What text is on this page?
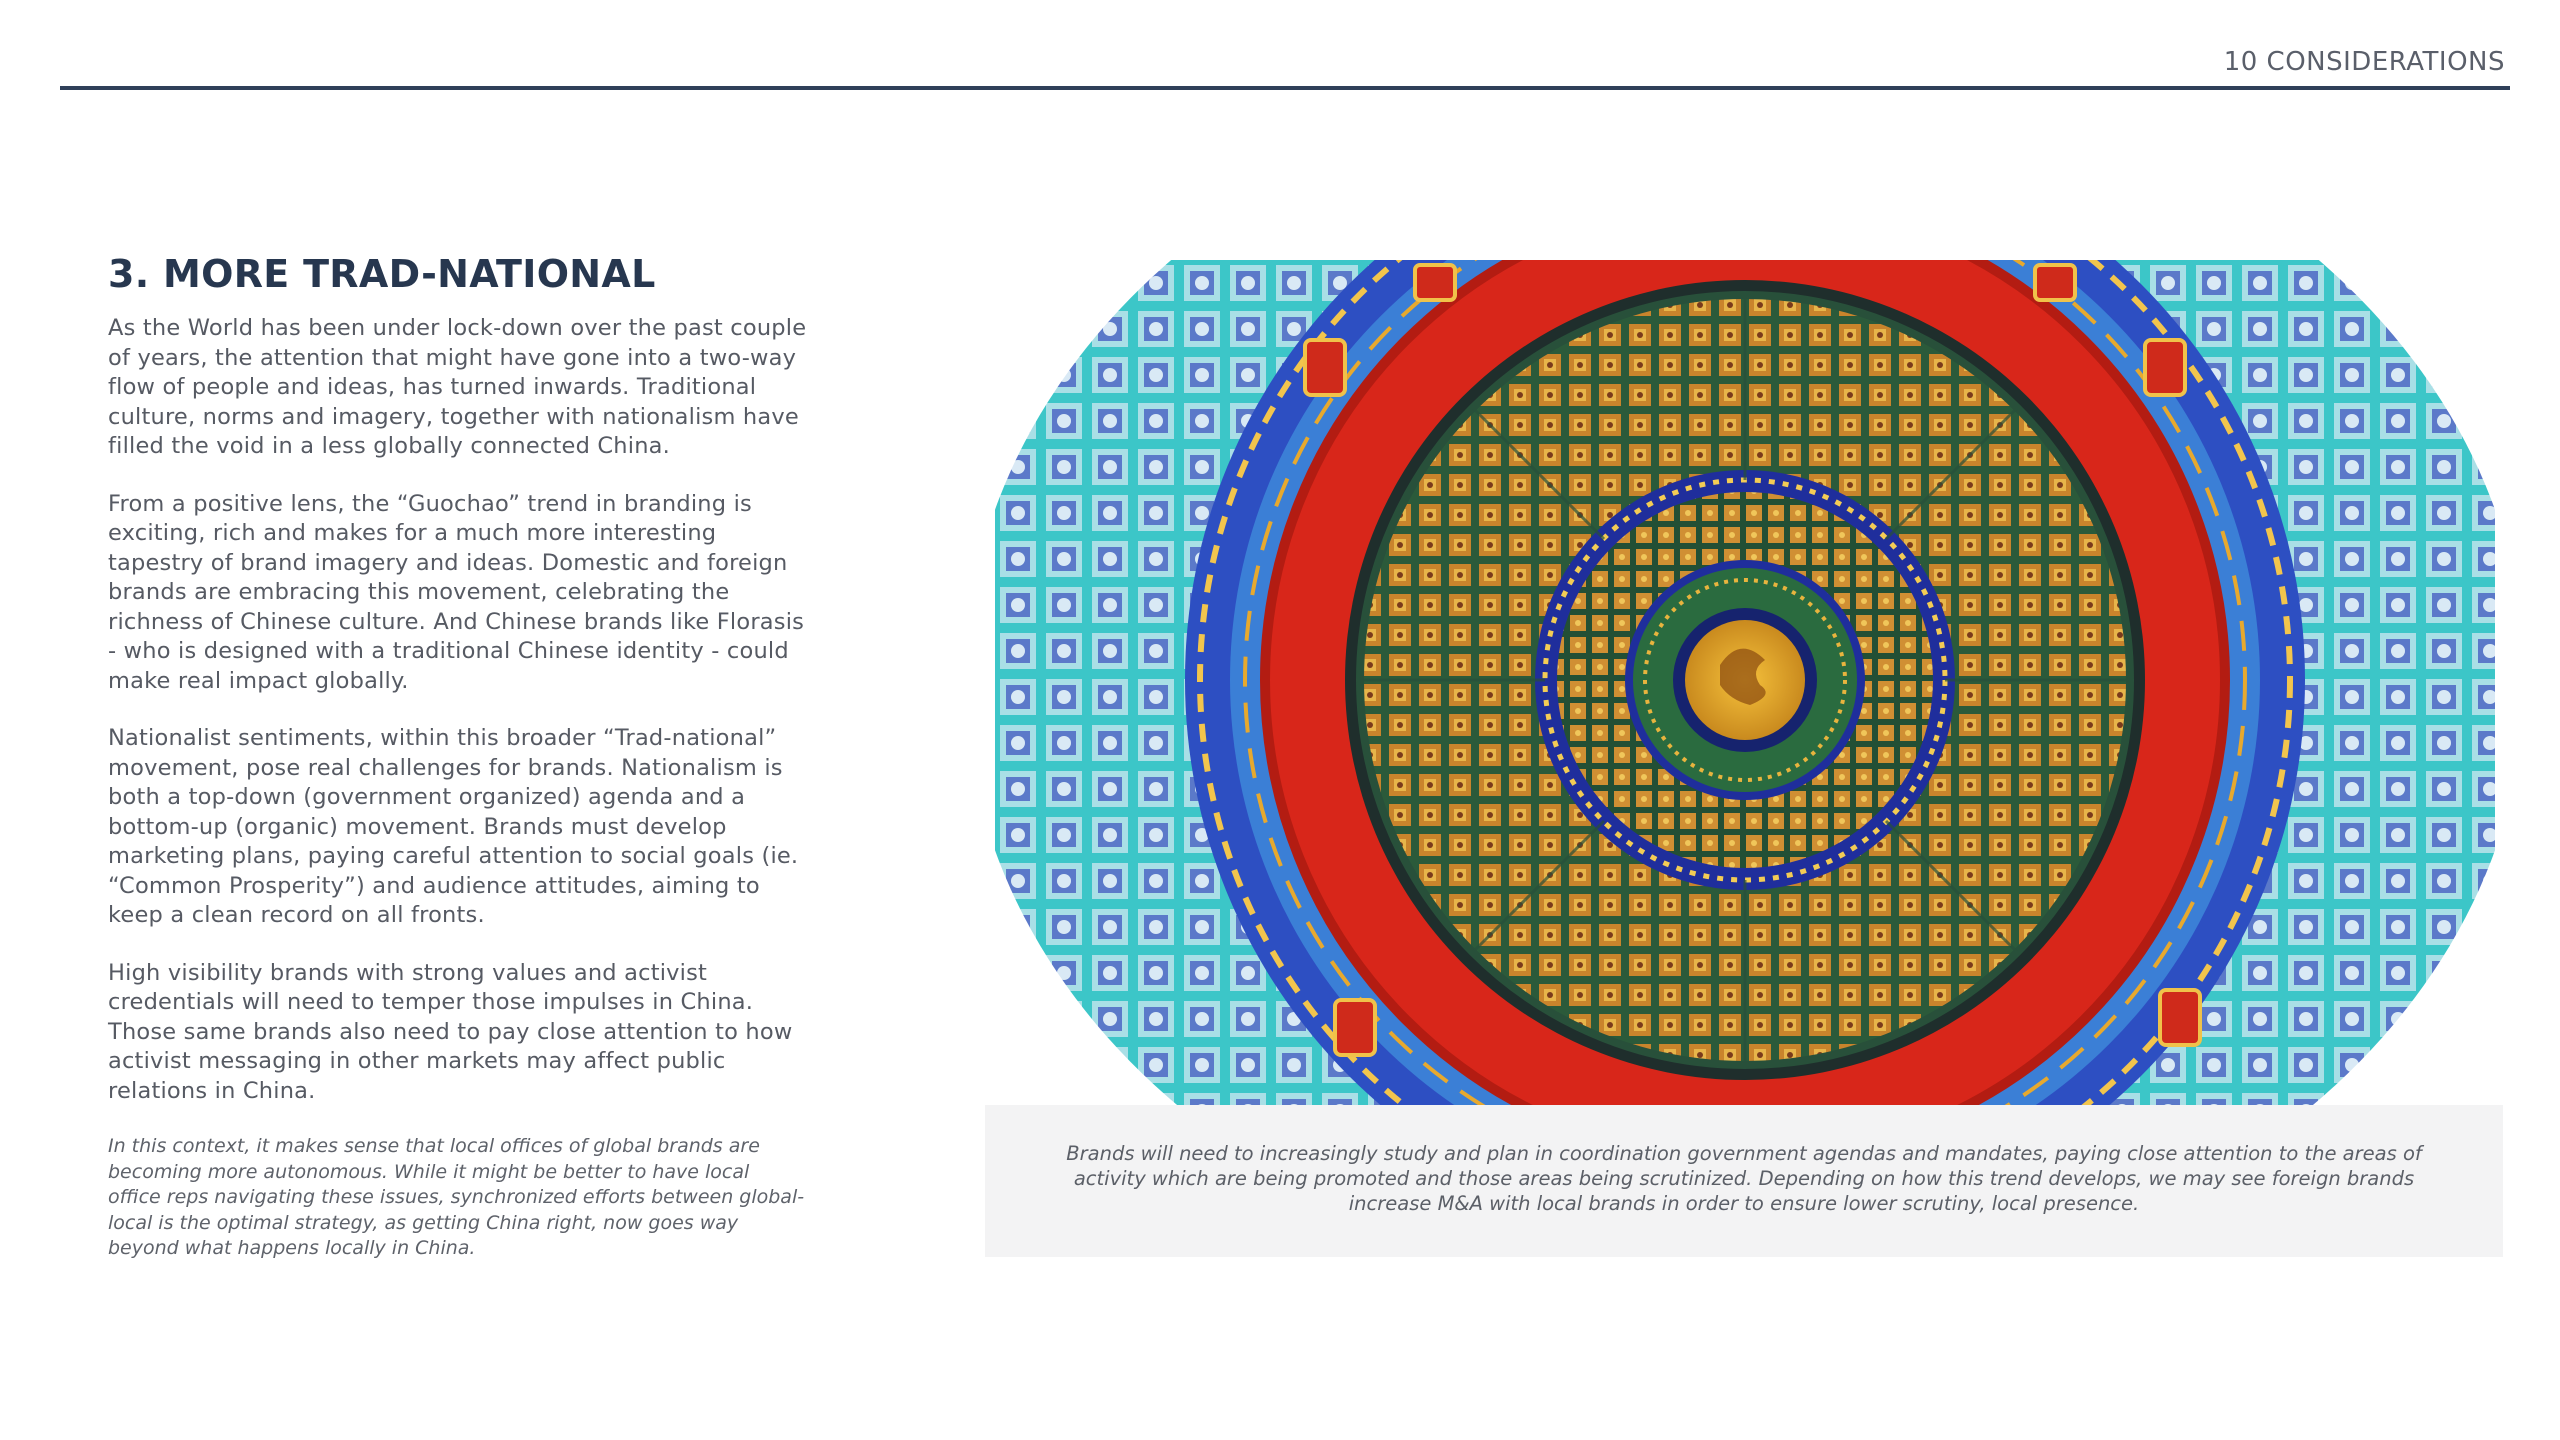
10 CONSIDERATIONS
3. MORE TRAD-NATIONAL

As the World has been under lock-down over the past couple of years, the attention that might have gone into a two-way flow of people and ideas, has turned inwards. Traditional culture, norms and imagery, together with nationalism have filled the void in a less globally connected China.

From a positive lens, the “Guochao” trend in branding is exciting, rich and makes for a much more interesting tapestry of brand imagery and ideas. Domestic and foreign brands are embracing this movement, celebrating the richness of Chinese culture. And Chinese brands like Florasis - who is designed with a traditional Chinese identity - could make real impact globally.

Nationalist sentiments, within this broader “Trad-national” movement, pose real challenges for brands. Nationalism is both a top-down (government organized) agenda and a bottom-up (organic) movement. Brands must develop marketing plans, paying careful attention to social goals (ie. “Common Prosperity”) and audience attitudes, aiming to keep a clean record on all fronts.

High visibility brands with strong values and activist credentials will need to temper those impulses in China. Those same brands also need to pay close attention to how activist messaging in other markets may affect public relations in China.

In this context, it makes sense that local offices of global brands are becoming more autonomous. While it might be better to have local office reps navigating these issues, synchronized efforts between global-local is the optimal strategy, as getting China right, now goes way beyond what happens locally in China.

Brands will need to increasingly study and plan in coordination government agendas and mandates, paying close attention to the areas of activity which are being promoted and those areas being scrutinized. Depending on how this trend develops, we may see foreign brands increase M&A with local brands in order to ensure lower scrutiny, local presence.
